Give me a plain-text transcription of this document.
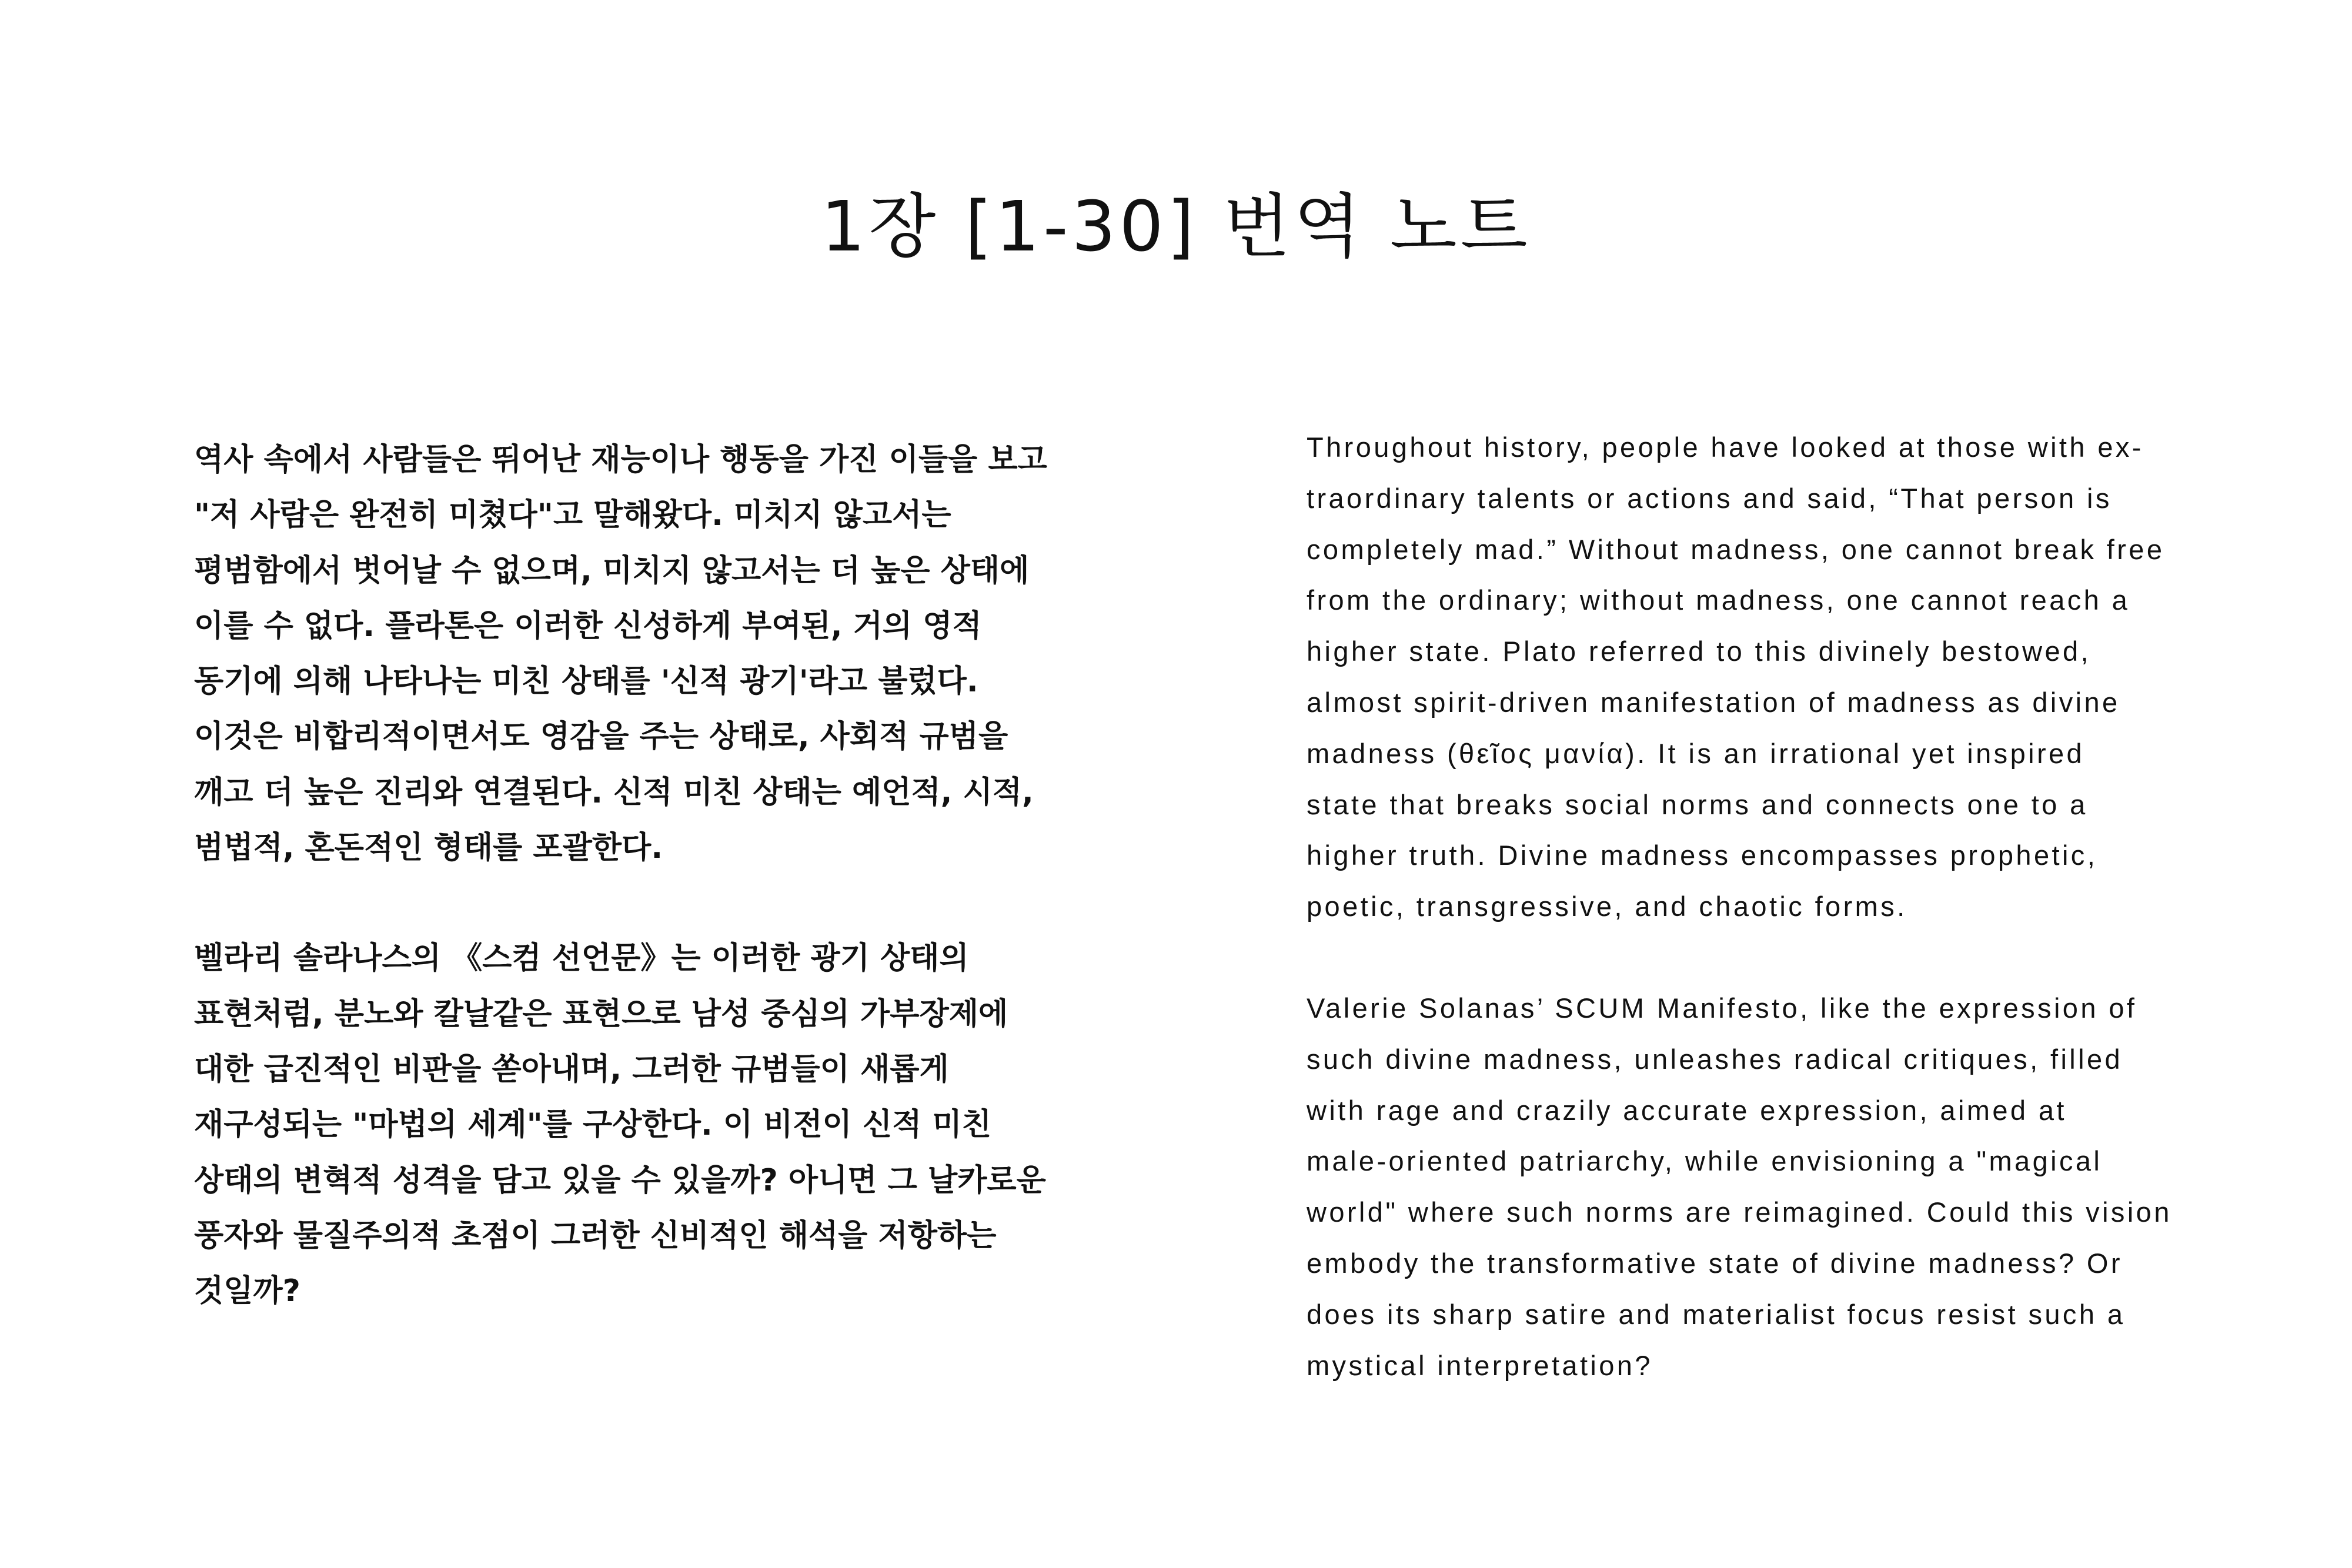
1장 [1-30] 번역 노트

역사 속에서 사람들은 뛰어난 재능이나 행동을 가진 이들을 보고
"저 사람은 완전히 미쳤다"고 말해왔다. 미치지 않고서는
평범함에서 벗어날 수 없으며, 미치지 않고서는 더 높은 상태에
이를 수 없다. 플라톤은 이러한 신성하게 부여된, 거의 영적
동기에 의해 나타나는 미친 상태를 '신적 광기'라고 불렀다.
이것은 비합리적이면서도 영감을 주는 상태로, 사회적 규범을
깨고 더 높은 진리와 연결된다. 신적 미친 상태는 예언적, 시적,
범법적, 혼돈적인 형태를 포괄한다.

벨라리 솔라나스의 《스컴 선언문》는 이러한 광기 상태의
표현처럼, 분노와 칼날같은 표현으로 남성 중심의 가부장제에
대한 급진적인 비판을 쏟아내며, 그러한 규범들이 새롭게
재구성되는 "마법의 세계"를 구상한다. 이 비전이 신적 미친
상태의 변혁적 성격을 담고 있을 수 있을까? 아니면 그 날카로운
풍자와 물질주의적 초점이 그러한 신비적인 해석을 저항하는
것일까?

Throughout history, people have looked at those with ex-
traordinary talents or actions and said, “That person is
completely mad.” Without madness, one cannot break free
from the ordinary; without madness, one cannot reach a
higher state. Plato referred to this divinely bestowed,
almost spirit-driven manifestation of madness as divine
madness (θεῖος μανία). It is an irrational yet inspired
state that breaks social norms and connects one to a
higher truth. Divine madness encompasses prophetic,
poetic, transgressive, and chaotic forms.

Valerie Solanas’ SCUM Manifesto, like the expression of
such divine madness, unleashes radical critiques, filled
with rage and crazily accurate expression, aimed at
male-oriented patriarchy, while envisioning a "magical
world" where such norms are reimagined. Could this vision
embody the transformative state of divine madness? Or
does its sharp satire and materialist focus resist such a
mystical interpretation?
